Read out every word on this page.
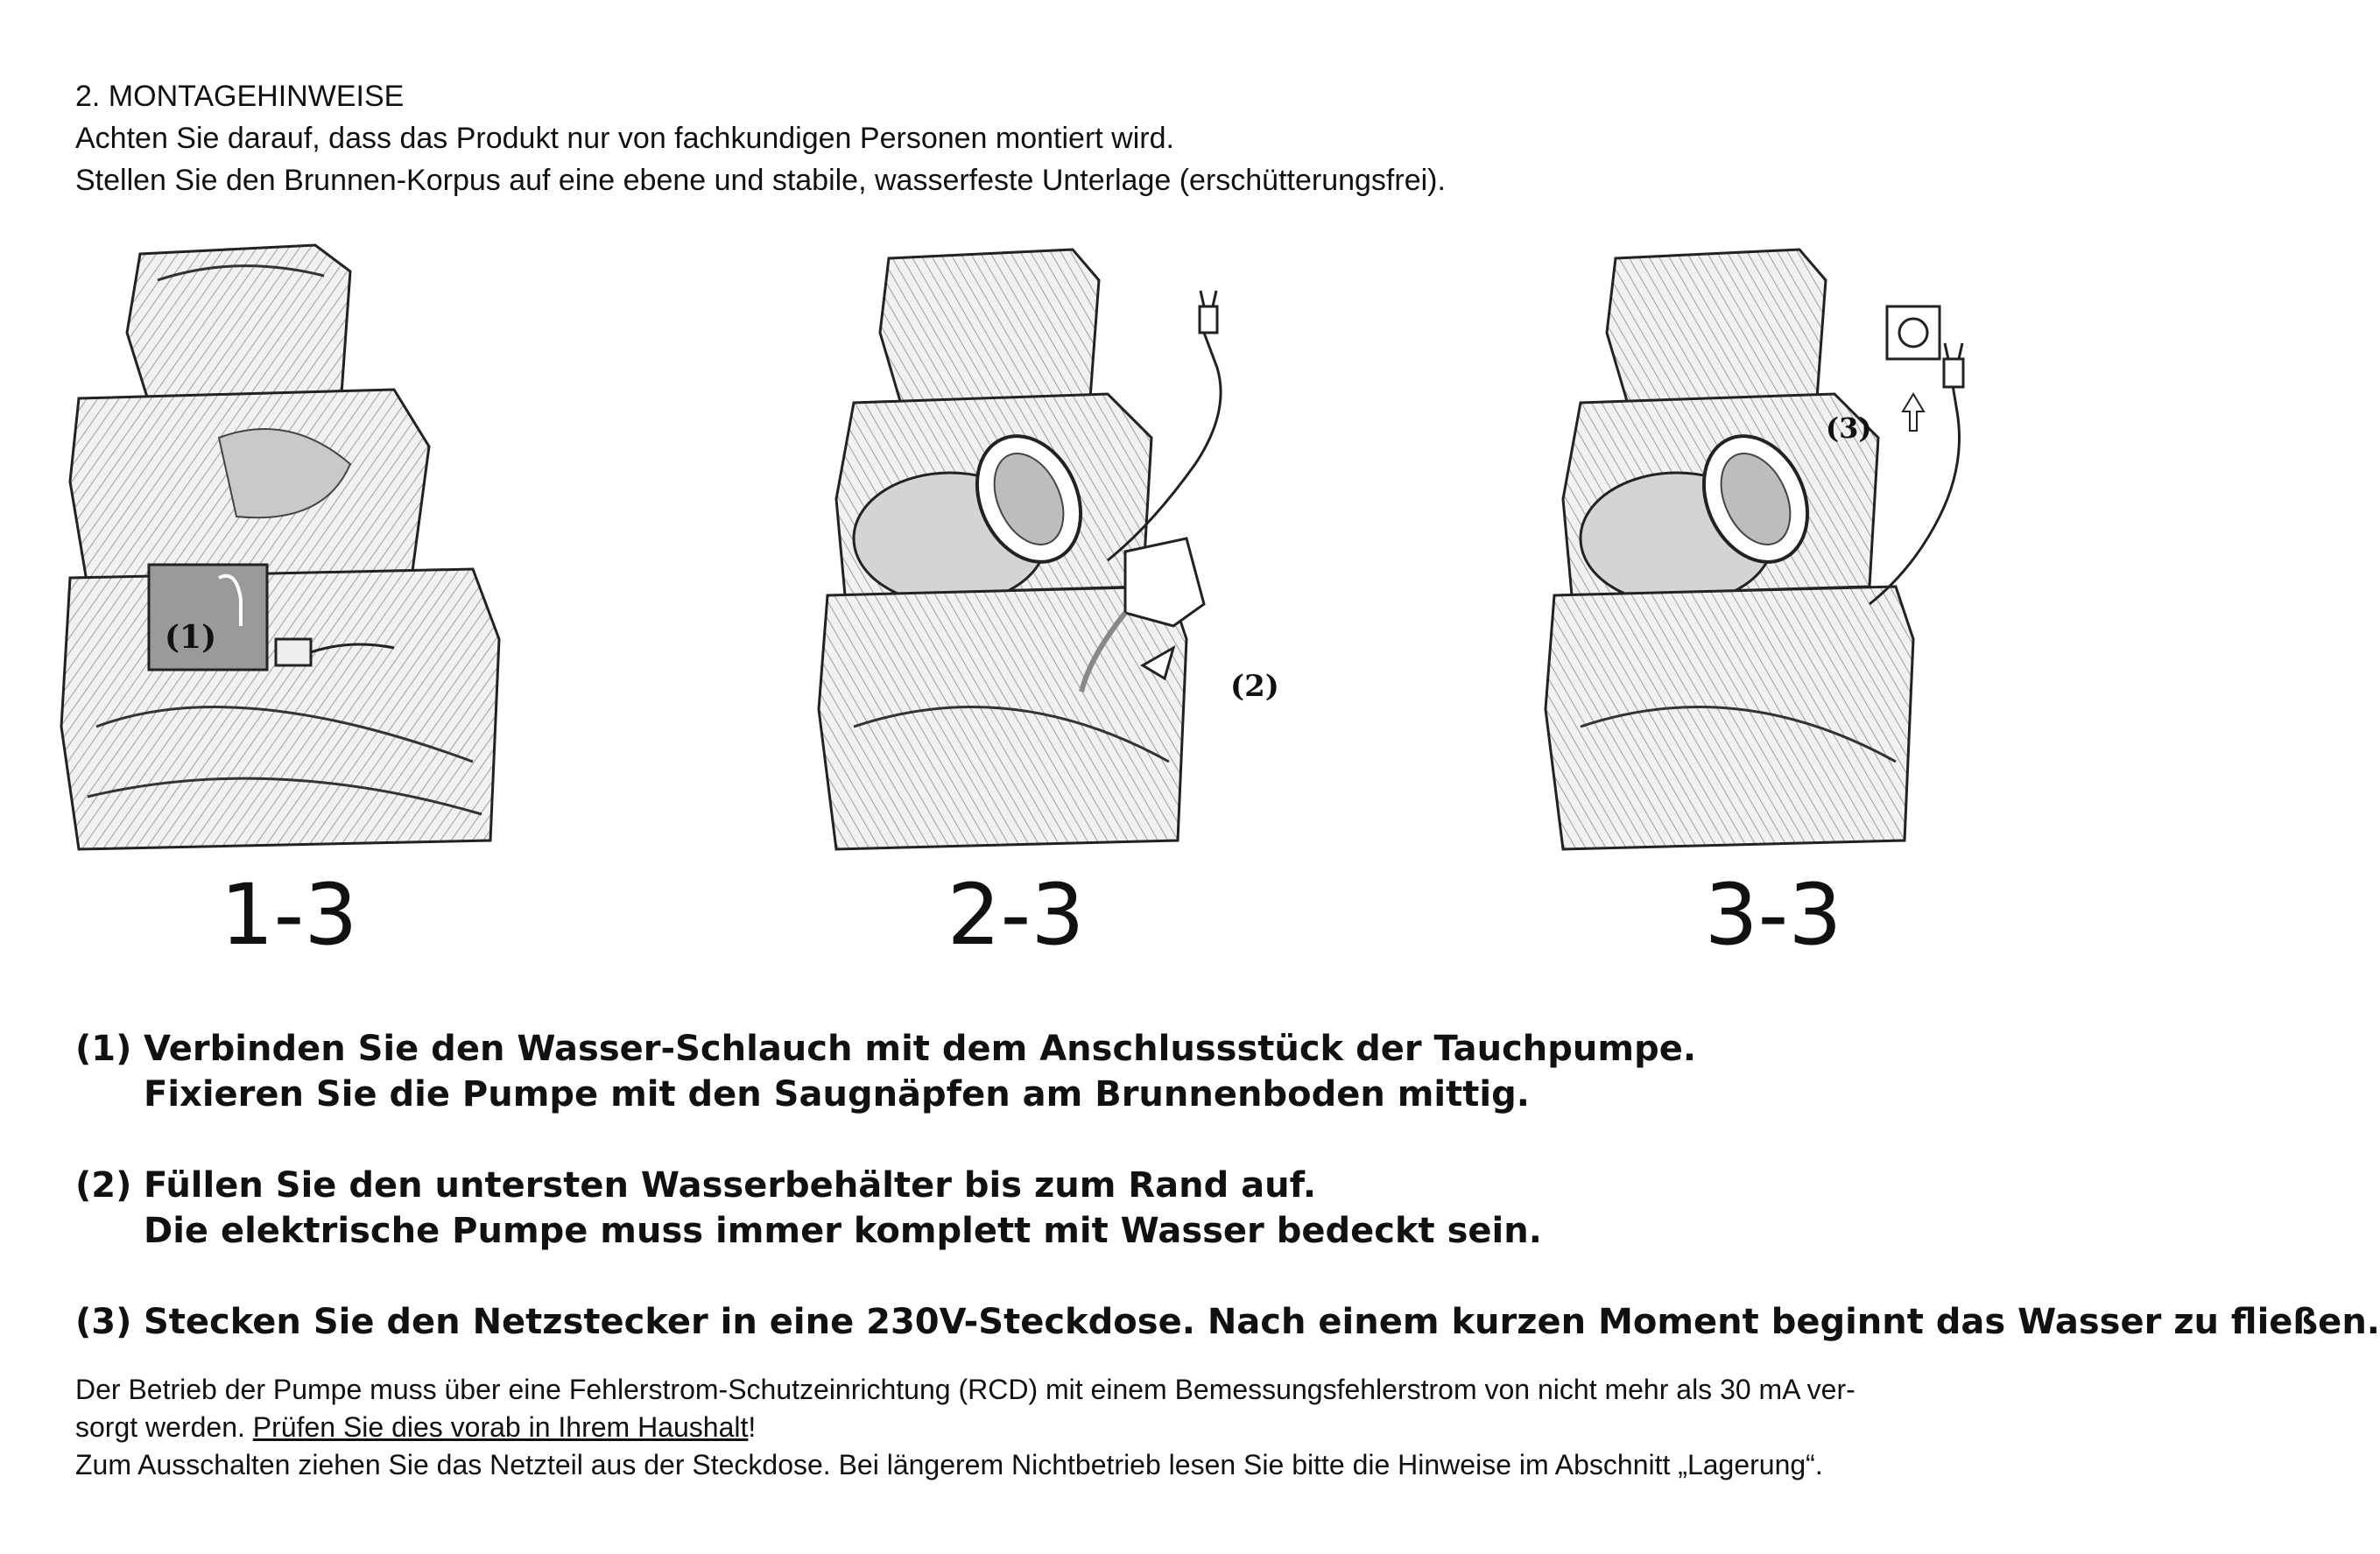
2. MONTAGEHINWEISE
Achten Sie darauf, dass das Produkt nur von fachkundigen Personen montiert wird.
Stellen Sie den Brunnen-Korpus auf eine ebene und stabile, wasserfeste Unterlage (erschütterungsfrei).
(1)
1-3
(2)
2-3
(3)
3-3
(1) Verbinden Sie den Wasser-Schlauch mit dem Anschlussstück der Tauchpumpe.
Fixieren Sie die Pumpe mit den Saugnäpfen am Brunnenboden mittig.
(2) Füllen Sie den untersten Wasserbehälter bis zum Rand auf.
Die elektrische Pumpe muss immer komplett mit Wasser bedeckt sein.
(3) Stecken Sie den Netzstecker in eine 230V-Steckdose. Nach einem kurzen Moment beginnt das Wasser zu fließen.
Der Betrieb der Pumpe muss über eine Fehlerstrom-Schutzeinrichtung (RCD) mit einem Bemessungsfehlerstrom von nicht mehr als 30 mA ver-
sorgt werden. Prüfen Sie dies vorab in Ihrem Haushalt!
Zum Ausschalten ziehen Sie das Netzteil aus der Steckdose. Bei längerem Nichtbetrieb lesen Sie bitte die Hinweise im Abschnitt „Lagerung“.
